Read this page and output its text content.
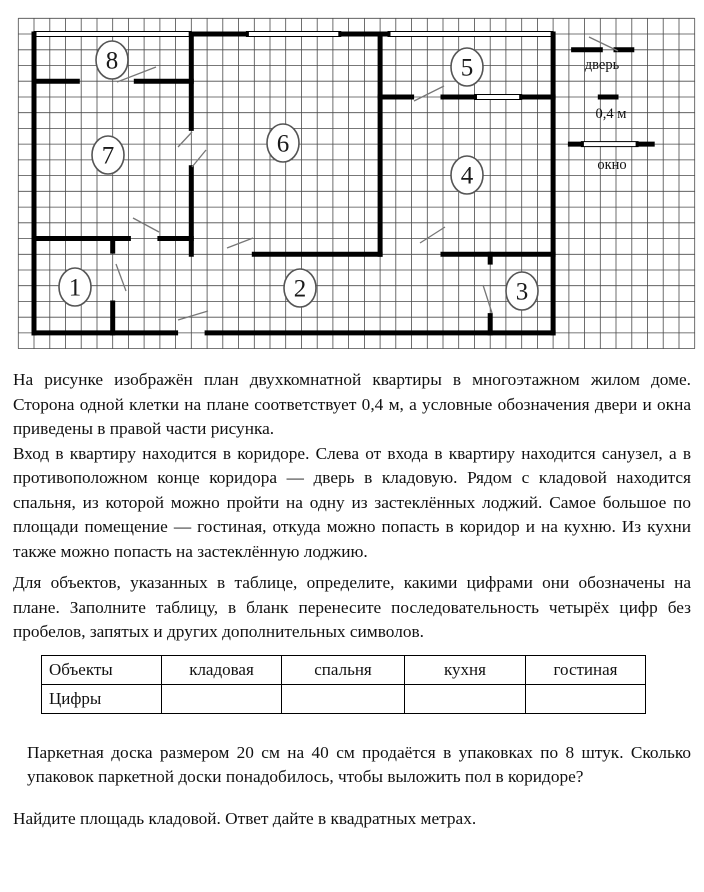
1	2	3
4
5
6
7
8	дверь
0,4 м
окно

На рисунке изображён план двухкомнатной квартиры в многоэтажном жилом доме. Сторона одной клетки на плане соответствует 0,4 м, а условные обозначения двери и окна приведены в правой части рисунка.

Вход в квартиру находится в коридоре. Слева от входа в квартиру находится санузел, а в противоположном конце коридора — дверь в кладовую. Рядом с кладовой находится спальня, из которой можно пройти на одну из застеклённых лоджий. Самое большое по площади помещение — гостиная, откуда можно попасть в коридор и на кухню. Из кухни также можно попасть на застеклённую лоджию.

Для объектов, указанных в таблице, определите, какими цифрами они обозначены на плане. Заполните таблицу, в бланк перенесите последовательность четырёх цифр без пробелов, запятых и других дополнительных символов.

Объекты	кладовая	спальня	кухня	гостиная
Цифры				

Паркетная доска размером 20 см на 40 см продаётся в упаковках по 8 штук. Сколько упаковок паркетной доски понадобилось, чтобы выложить пол в коридоре?

Найдите площадь кладовой. Ответ дайте в квадратных метрах.
